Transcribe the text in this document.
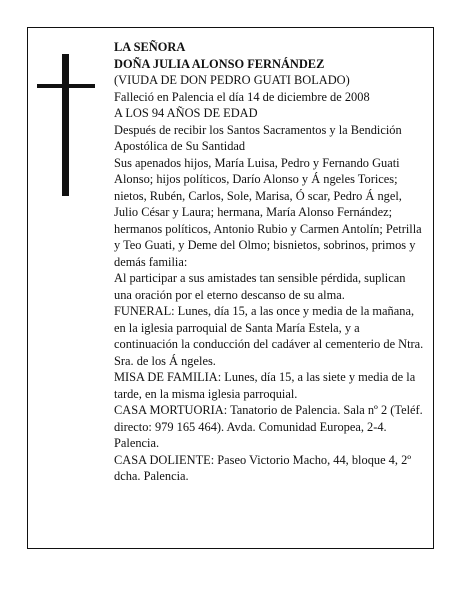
LA SEÑORA

DOÑA JULIA ALONSO FERNÁNDEZ

(VIUDA DE DON PEDRO GUATI BOLADO)

Falleció en Palencia el día 14 de diciembre de 2008

A LOS 94 AÑOS DE EDAD

Después de recibir los Santos Sacramentos y la Bendición Apostólica de Su Santidad

Sus apenados hijos, María Luisa, Pedro y Fernando Guati Alonso; hijos políticos, Darío Alonso y Á ngeles Torices; nietos, Rubén, Carlos, Sole, Marisa, Ó scar, Pedro Á ngel, Julio César y Laura; hermana, María Alonso Fernández; hermanos políticos, Antonio Rubio y Carmen Antolín; Petrilla y Teo Guati, y Deme del Olmo; bisnietos, sobrinos, primos y demás familia:

Al participar a sus amistades tan sensible pérdida, suplican una oración por el eterno descanso de su alma.

FUNERAL: Lunes, día 15, a las once y media de la mañana, en la iglesia parroquial de Santa María Estela, y a continuación la conducción del cadáver al cementerio de Ntra. Sra. de los Á ngeles.

MISA DE FAMILIA: Lunes, día 15, a las siete y media de la tarde, en la misma iglesia parroquial.

CASA MORTUORIA: Tanatorio de Palencia. Sala nº 2 (Teléf. directo: 979 165 464). Avda. Comunidad Europea, 2-4. Palencia.

CASA DOLIENTE: Paseo Victorio Macho, 44, bloque 4, 2º dcha. Palencia.
